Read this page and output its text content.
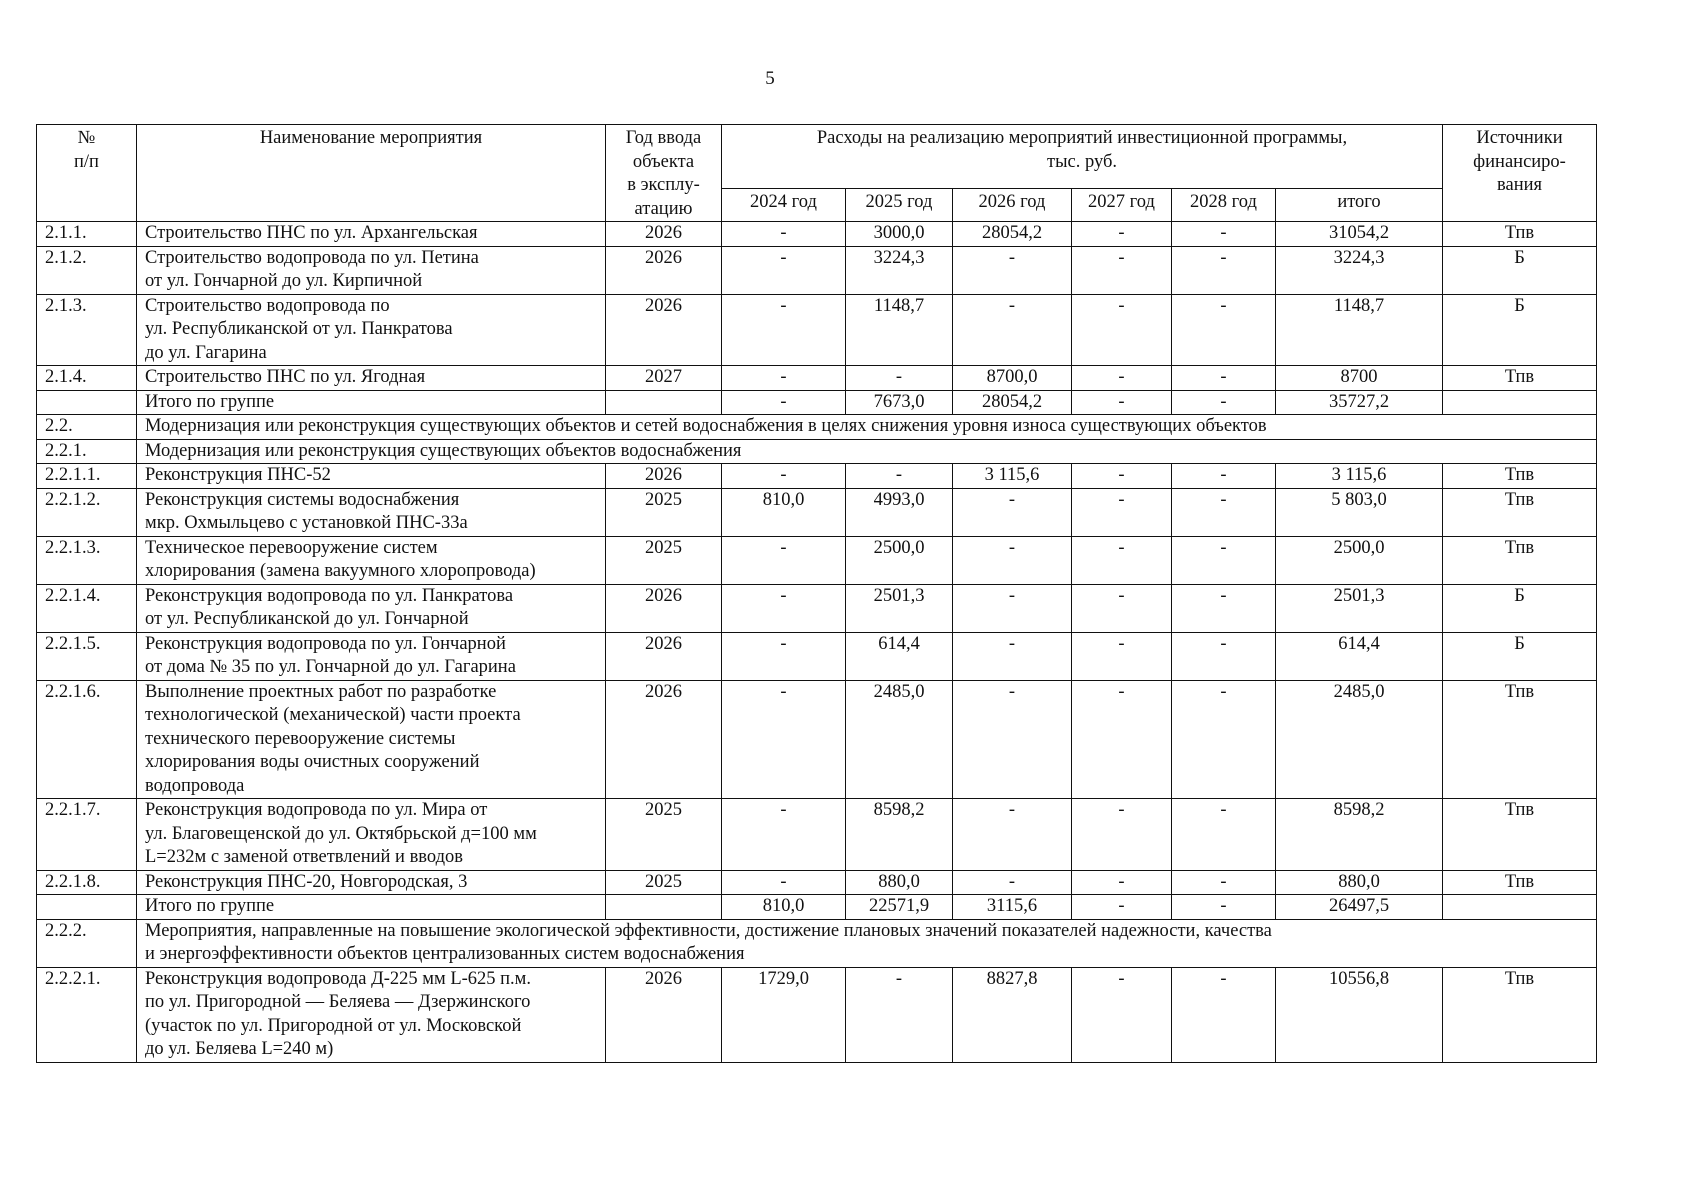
5
№
п/п	Наименование мероприятия	Год ввода
объекта
в эксплу-
атацию	Расходы на реализацию мероприятий инвестиционной программы,
тыс. руб.						Источники
финансиро-
вания
			2024 год	2025 год	2026 год	2027 год	2028 год	итого	
2.1.1.	Строительство ПНС по ул. Архангельская	2026	-	3000,0	28054,2	-	-	31054,2	Тпв
2.1.2.	Строительство водопровода по ул. Петина
от ул. Гончарной до ул. Кирпичной	2026	-	3224,3	-	-	-	3224,3	Б
2.1.3.	Строительство водопровода по
ул. Республиканской от ул. Панкратова
до ул. Гагарина	2026	-	1148,7	-	-	-	1148,7	Б
2.1.4.	Строительство ПНС по ул. Ягодная	2027	-	-	8700,0	-	-	8700	Тпв
	Итого по группе		-	7673,0	28054,2	-	-	35727,2	
2.2.	Модернизация или реконструкция существующих объектов и сетей водоснабжения в целях снижения уровня износа существующих объектов								
2.2.1.	Модернизация или реконструкция существующих объектов водоснабжения								
2.2.1.1.	Реконструкция ПНС-52	2026	-	-	3 115,6	-	-	3 115,6	Тпв
2.2.1.2.	Реконструкция системы водоснабжения
мкр. Охмыльцево с установкой ПНС-33а	2025	810,0	4993,0	-	-	-	5 803,0	Тпв
2.2.1.3.	Техническое перевооружение систем
хлорирования (замена вакуумного хлоропровода)	2025	-	2500,0	-	-	-	2500,0	Тпв
2.2.1.4.	Реконструкция водопровода по ул. Панкратова
от ул. Республиканской до ул. Гончарной	2026	-	2501,3	-	-	-	2501,3	Б
2.2.1.5.	Реконструкция водопровода по ул. Гончарной
от дома № 35 по ул. Гончарной до ул. Гагарина	2026	-	614,4	-	-	-	614,4	Б
2.2.1.6.	Выполнение проектных работ по разработке
технологической (механической) части проекта
технического перевооружение системы
хлорирования воды очистных сооружений
водопровода	2026	-	2485,0	-	-	-	2485,0	Тпв
2.2.1.7.	Реконструкция водопровода по ул. Мира от
ул. Благовещенской до ул. Октябрьской д=100 мм
L=232м с заменой ответвлений и вводов	2025	-	8598,2	-	-	-	8598,2	Тпв
2.2.1.8.	Реконструкция ПНС-20, Новгородская, 3	2025	-	880,0	-	-	-	880,0	Тпв
	Итого по группе		810,0	22571,9	3115,6	-	-	26497,5	
2.2.2.	Мероприятия, направленные на повышение экологической эффективности, достижение плановых значений показателей надежности, качества
и энергоэффективности объектов централизованных систем водоснабжения								
2.2.2.1.	Реконструкция водопровода Д-225 мм L-625 п.м.
по ул. Пригородной — Беляева — Дзержинского
(участок по ул. Пригородной от ул. Московской
до ул. Беляева L=240 м)	2026	1729,0	-	8827,8	-	-	10556,8	Тпв
